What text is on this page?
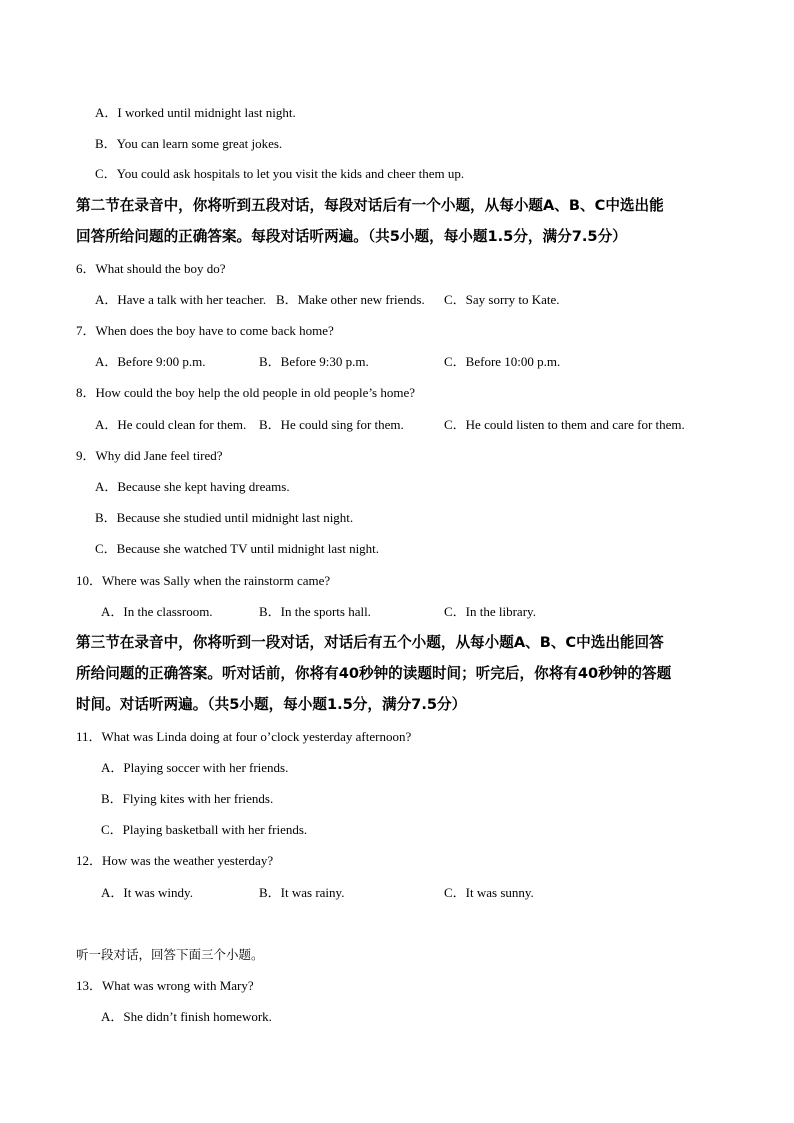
A．I worked until midnight last night.
B．You can learn some great jokes.
C．You could ask hospitals to let you visit the kids and cheer them up.
第二节在录音中，你将听到五段对话，每段对话后有一个小题，从每小题A、B、C中选出能
回答所给问题的正确答案。每段对话听两遍。（共5小题，每小题1.5分，满分7.5分）
6．What should the boy do?
A．Have a talk with her teacher. B．Make other new friends. C．Say sorry to Kate.
7．When does the boy have to come back home?
A．Before 9:00 p.m.	B．Before 9:30 p.m.	C．Before 10:00 p.m.
8．How could the boy help the old people in old people’s home?
A．He could clean for them. B．He could sing for them.	C．He could listen to them and care for them.
9．Why did Jane feel tired?
A．Because she kept having dreams.
B．Because she studied until midnight last night.
C．Because she watched TV until midnight last night.
10．Where was Sally when the rainstorm came?
A．In the classroom.	B．In the sports hall.	C．In the library.
第三节在录音中，你将听到一段对话，对话后有五个小题，从每小题A、B、C中选出能回答
所给问题的正确答案。听对话前，你将有40秒钟的读题时间；听完后，你将有40秒钟的答题
时间。对话听两遍。（共5小题，每小题1.5分，满分7.5分）
11．What was Linda doing at four o’clock yesterday afternoon?
A．Playing soccer with her friends.
B．Flying kites with her friends.
C．Playing basketball with her friends.
12．How was the weather yesterday?
A．It was windy.	B．It was rainy.	C．It was sunny.
听一段对话，回答下面三个小题。
13．What was wrong with Mary?
A．She didn’t finish homework.
